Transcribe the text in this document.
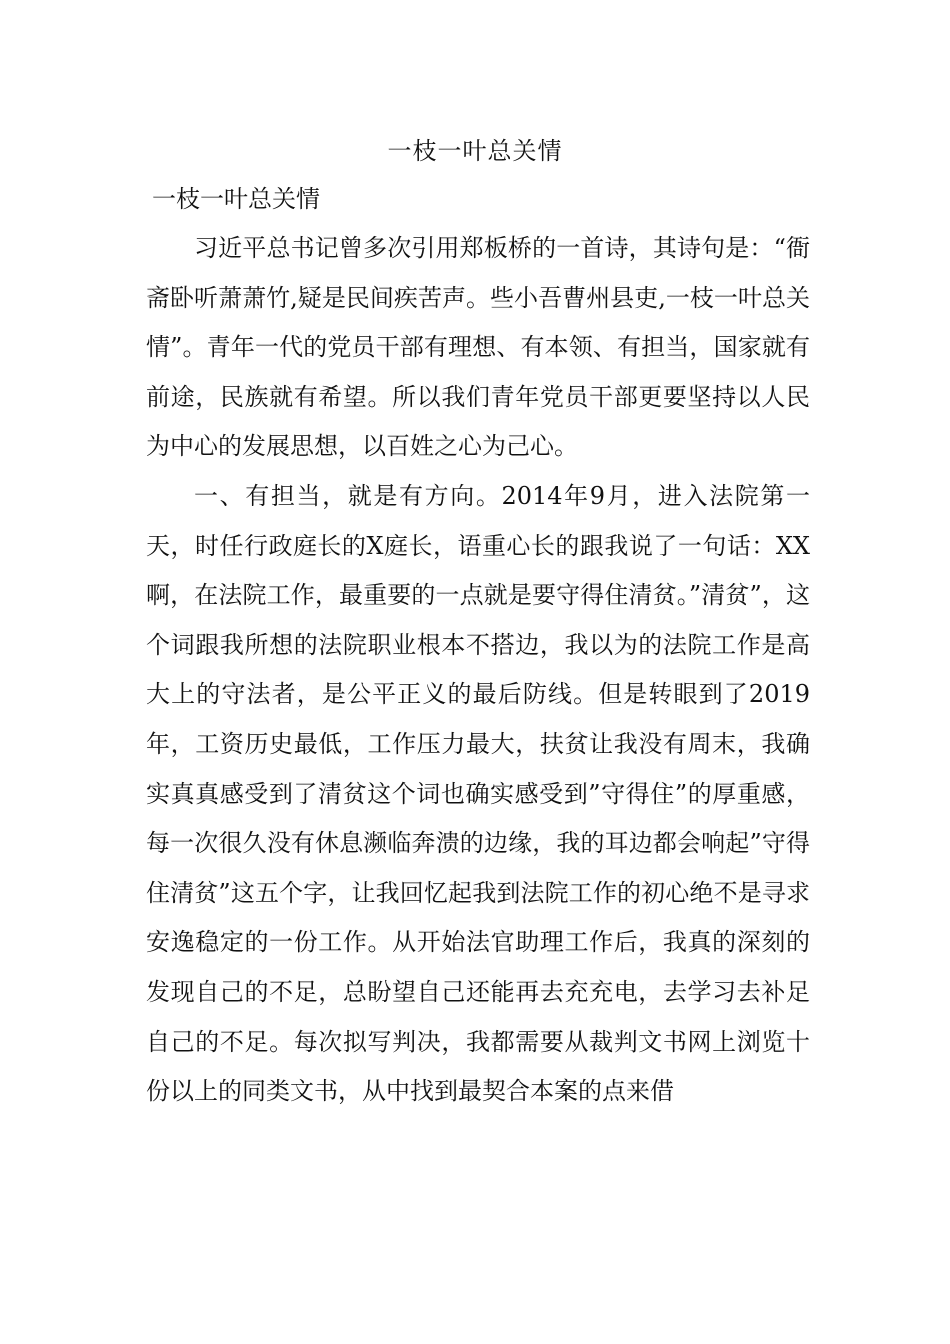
一枝一叶总关情
一枝一叶总关情

习近平总书记曾多次引用郑板桥的一首诗，其诗句是：“衙斋卧听萧萧竹,疑是民间疾苦声。些小吾曹州县吏,一枝一叶总关情”。青年一代的党员干部有理想、有本领、有担当，国家就有前途，民族就有希望。所以我们青年党员干部更要坚持以人民为中心的发展思想，以百姓之心为己心。

一、有担当，就是有方向。2014年9月，进入法院第一天，时任行政庭长的X庭长，语重心长的跟我说了一句话：XX啊，在法院工作，最重要的一点就是要守得住清贫。”清贫”，这个词跟我所想的法院职业根本不搭边，我以为的法院工作是高大上的守法者，是公平正义的最后防线。但是转眼到了2019年，工资历史最低，工作压力最大，扶贫让我没有周末，我确实真真感受到了清贫这个词也确实感受到”守得住”的厚重感，每一次很久没有休息濒临奔溃的边缘，我的耳边都会响起”守得住清贫”这五个字，让我回忆起我到法院工作的初心绝不是寻求安逸稳定的一份工作。从开始法官助理工作后，我真的深刻的发现自己的不足，总盼望自己还能再去充充电，去学习去补足自己的不足。每次拟写判决，我都需要从裁判文书网上浏览十份以上的同类文书，从中找到最契合本案的点来借
